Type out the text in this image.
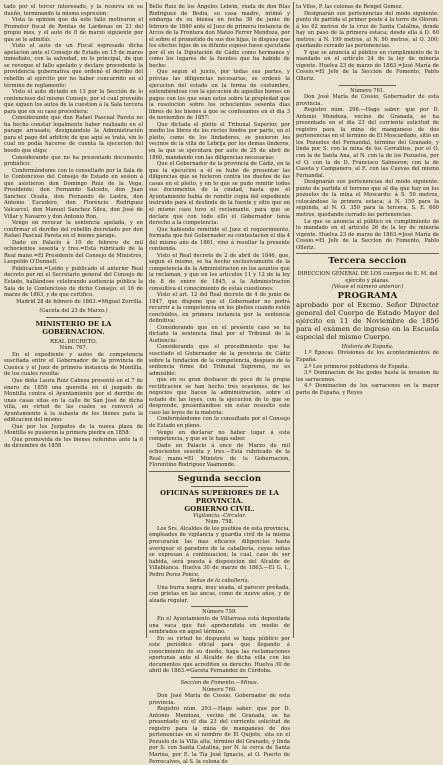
tado por el tercer interesado, y la reserva en su dueño, terminando la misma espresion:

Vista la opinion que da este fallo motivaron el Promotor fiscal de Rentas de Lárdenas en 21 del propio mes, y el auto de 8 de marzo siguiente por que se le admitió:

Visto el auto de un Fiscal espresado dicha apelacion ante el Consejo de Estado en 15 de marzo inmediato, con la salvedad, en lo principal, de que se revoque el fallo apelado y declare procedente la providencia gubernativa que ordenó el derribo del rebellin al ejército por no haber concurrido en el término de reglamento:

Visto el auto dictado en 13 por la Sección de lo contencioso del mismo Consejo, por el cual proveído que siguen los autos de la cuestion á la Sala tercera para que en su caso procediera:

Considerando que don Rafael Pascual Pareta no ha hecho constar legalmente haber realizado en el parage arrasado, designándole la Administración para el pago del arbitrio de que aquí se trata, sin lo cual no podía hacerse de cuenta la ejecucion del beodo que eligo:

Considerando que no ha presentado documento probático:

Conformándome con lo consultado por la Sala de lo Contencioso del Consejo de Estado en sesion á que asistieron don Domingo Ruiz de la Vega, Presidente; don Fernando Salcedo, don Juan Sanchez Ocaña, don Fernando de Lastra, don Antonio Escudero, don Florencio Rodriguez Valcarcel, don Manuel Sanchez Silva, don José de Villar y Navarro y don Antonio Ron,

Vengo en revocar la sentencia apelada, y en confirmar el derribo del rebellin decretado por don Rafael Pascual Pareta en el mismo parage.

Dado en Palacio á 10 de febrero de mil ochocientos sesenta y tres.=Está rubricado de la Real mano.=El Presidente del Consejo de Ministros, Leopoldo O'Donnell.

Publicacion.=Leido y publicado el anterior Real decreto por mí el Secretario general del Consejo de Estado, hallándose celebrando audiencia pública la Sala de lo Contencioso de dicho Consejo: el 16 de marzo de 1863, y de que certifico.

Madrid 28 de febrero de 1863.=Miguel Zorrilla.

(Gaceta del 23 de Marzo.)

MINISTERIO DE LA GOBERNACION.

REAL DECRETO.

Núm. 767.

En el expediente y autos de competencia suscitada entre el Gobernador de la provincia de Cuenca y el Juez de primera instancia de Montilla, de los cuales resulta:

Que doña Laura Ruiz Cabeza presentó en el 7 de enero de 1859 una querella en el juzgado de Montilla contra el Ayuntamiento por el derribo de unas casas sitas en la calle de San José de dicha villa, en virtud de las cuales se convocó el Ayuntamiento á la subasta de los bienes para la edificacion del mismo:

Que por los Juzgados de la nueva plaza de Montilla se pusieron la primera piedra en 1858:

Que promovida de los bienes referidos ante la 6 de diciembre de 1858

Bello Ruiz de los Ángeles Lebrin, viuda de don Blas Rodriguez de Bedia, su casa madre, intimó y embarga de su biensa en fecha 30 de junio de febrero de 1840 ante el Juez de primera instancia de Arcos de la Frontera don Mateo Ferrer Mendoza, por el sobre el prometido de sus dos hijas, le dispuso que los efectos hijos de su difunto esposo fuese ejecutada por él en la Diputación de Cádiz como hermanos y como los lugares de la fuentes que ha habido de hecho:

Que segun el juicio, por todas sus partes, y prévias las diligencias necesarias, se ordenó la ejecucion del estado en la forma de costumbre, entendiéndose con la ejecucion de aquellos bienes en pagos con los que sean estos sobre la propiedad que la resolucion sobre los ochocientos sesenta dias libres de los bienes á que se confesamos en el dia 3 de noviembre de 1857:

Que dictada el pleito el Tribunal Superior, por medio los libros de los rectos fondos por parte, en el pleito, como de los lindadores, se pusieron los vecinos de la villa de Lebrija por los demas linderos, en la que se ejecutara por auto de 25 de abril de 1860, mandando con las diligencias necesarias:

Que el Gobernador de la provincia de Cádiz, en la que la ejecucion a él se hubo de presentar las diligencias que se hicieron contra los dueños de las casas en el pleito, y en lo que se pudo remitir todos sus documentos de la ciudad, hasta que el Ayuntamiento habia de remitir copia del expediente instruido para el deslinde de la fuente y sitio que en el mismo caso tuvo el reclamante, para que se declare que con todo ello el Gobernador tenia derecho a la competencia:

Que habiendo remitido el Juez el requerimiento, formada que fué Gobernador su contestacion el dia 4 del mismo año de 1861, vino á resultar la presente contienda.

Visto el Real decreto de 2 de abril de 1846, que, segun el mismo, se ha hecho exclusivamente de la competencia de la Administracion en los asuntos que la reclaman, y que en los artículos 11 y 12 de la ley de 8 de enero de 1845, a la Administracion consultiva el conocimiento de estas cuestiones:

Visto el art. 12 del Real decreto de 4 de junio de 1847, que dispone que el Gobernador no podrá recurrir a la competencia en los pleitos cuando estén concluidos, en primera instancia por la sentencia definitiva:

Considerando que en el presente caso se ha dictado la sentencia final por el Tribunal de la Audiencia:

Considerando que el procedimiento que ha suscitado el Gobernador de la provincia de Cádiz sobre la fundacion de la competencia, despues de la sentencia firme del Tribunal Supremo, no es admisible:

que en su gran deshacer de poco de la propia rectificacion se han hecho tres ocasiones, de los negocios que hacen la administración, sobre el estado de las leyes, con la ejecucion de lo que se desprende, presentándose sin estar resuelto este caso las leyes de la materia:

Conformándome con lo consultado por el Consejo de Estado en pleno.

Vengo en declarar no haber lugar á esta competencia, y que se le haga saber.

Dado en Palacio á once de Marzo de mil ochocientos sesenta y tres.—Está rubricado de la Real mano.=El Ministro de la Gobernacion, Florentino Rodriguez Vaamonde.

Segunda seccion

OFICINAS SUPERIORES DE LA PROVINCIA.

GOBIERNO CIVIL.

Vigilancia.–Circular.

Núm. 758.

Los Srs. Alcaldes de los pueblos de esta provincia, empleados de vigilancia y guardia civil de la misma procurarán las mas eficaces diligencias hasta averiguar el paradero de la caballería, cuyas señas se expresan á continuacion; la cual, caso de ser habida, será puesta á disposicion del Alcalde de Villablanca. Huelva 30 de marzo de 1863.—El G. I., Pedro Perez Ponce.

Señas de la caballería.

Una burra negra, muy usada, el parecer preñada, con grietas en las ancas, como de nueve años, y de alzada regular.

Número 759.

En el Ayuntamiento de Villarrasa está depositada una vaca que fué aprehendida en medio de sembrados en aquel término.

En su virtud he dispuesto se haga público por este periódico oficial para que llegando á conocimiento de su dueño, haga las reclamaciones oportunas ante el Alcalde de dicha villa con los documentos que acrediten su derecho. Huelva 30 de abril de 1863.=Gaceta Fernandez de Córdoba.

Seccion de Fomento.—Minas.

Número 760.

Don José María de Cossio, Gobernador de esta provincia.

Registro núm. 293.—Hago saber: que por D. Antonio Mendoza, vecino de Granada, se ha presentado en el dia 23 del corriente solicitud de registro para la mina de manganeso de dos pertenencias en el nombre de El Quijote, sita en el Pozuelo de la Villa alta, término del Granado, y linda por S. con Santa Catalina, por N. la cerca de Santa Marina, por E. la Tía José Ignacio, al O. Puerto de Perrocalves, al S. la colona de

ta Vilos, P. las colonas de Rengel Gomez.

Designarán sus pertenencias del modo siguiente: punto de partida el primer poste á la torre de Oloron: á los 62 metros de la cruz de Santa Catalina, donde hay un paso de la primera estaca; desde ella á D. 60 metros; á N. 199 metros, al N. 90 metros, al O. 300; quedando cerrado las pertenencias.

Y que se anuncia al público en cumplimiento de lo mandado en el artículo 24 de la ley de minería vigente. Huelva 23 de marzo de 1863.=José María de Cossio.=El Jefe de la Seccion de Fomento, Pablo Olleriz.

Número 761.

Don José María de Cossio, Gobernador de esta provincia.

Registro núm. 296.—Hago saber: que por D. Antonio Mendoza, vecino de Granada, se ha presentado en el dia 23 del corriente solicitud de registro para la mina de manganeso de dos pertenencias en el término de El Moscardado, sitio en los Pozuelos del Fernandal, término del Granado, y linda por S. con la mina de los Cerralitos, por el O. con la de Santa Ana, al N. con la de los Pozuelos, por el O. con la de D. Francisco Salmeron; con la de Caseta y Campanero, al E. con las Cuevas del mismo Fernandal.

Designarán sus pertenencias del modo siguiente: punto de partida el terreno que al dia que hay en los pozuelos de la mina el Moscardo: á S. 50 metros, colocándose la primera estaca; á N. 150 para la segunda, al N. O. 350 para la tercera, S. E. 600 metros, quedando cerrado las pertenencias.

Lo que se anuncia al público en cumplimiento de lo mandado en el artículo 26 de la ley de minería vigente. Huelva 23 de marzo de 1863.=José María de Cossio.=El Jefe de la Seccion de Fomento, Pablo Olleriz.

Tercera seccion

DIRECCION GENERAL DE LOS cuerpos de E. M. del ejército y plazas.

(Véase el número anterior.)

PROGRAMA

aprobado por el Excmo. Señor Director general del Cuerpo de Estado Mayor del ejército en 11 de Noviembre de 1856 para el exámen de ingreso en la Escuela especial del mismo Cuerpo.

Historia de España.

1.º Épocas. Divisiones de los acontecimientos de España.

2.º Los primeros pobladores de España.

3.º Dominacion de los godos hasta la invasion de los sarracenos.

4.º Dominacion de los sarracenos en la mayor parte de España, y Reyes
